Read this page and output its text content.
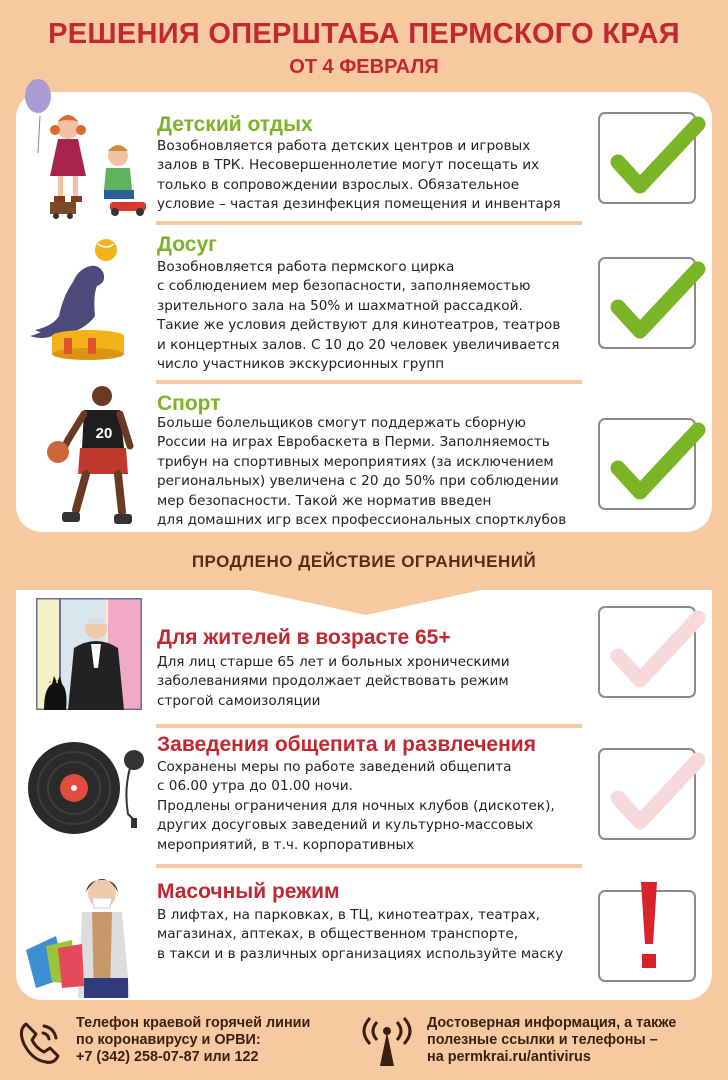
РЕШЕНИЯ ОПЕРШТАБА ПЕРМСКОГО КРАЯ
ОТ 4 ФЕВРАЛЯ
Детский отдых
Возобновляется работа детских центров и игровых
залов в ТРК. Несовершеннолетие могут посещать их
только в сопровождении взрослых. Обязательное
условие – частая дезинфекция помещения и инвентаря
Досуг
Возобновляется работа пермского цирка
с соблюдением мер безопасности, заполняемостью
зрительного зала на 50% и шахматной рассадкой.
Такие же условия действуют для кинотеатров, театров
и концертных залов. С 10 до 20 человек увеличивается
число участников экскурсионных групп
20
Спорт
Больше болельщиков смогут поддержать сборную
России на играх Евробаскета в Перми. Заполняемость
трибун на спортивных мероприятиях (за исключением
региональных) увеличена с 20 до 50% при соблюдении
мер безопасности. Такой же норматив введен
для домашних игр всех профессиональных спортклубов
ПРОДЛЕНО ДЕЙСТВИЕ ОГРАНИЧЕНИЙ
Для жителей в возрасте 65+
Для лиц старше 65 лет и больных хроническими
заболеваниями продолжает действовать режим
строгой самоизоляции
Заведения общепита и развлечения
Сохранены меры по работе заведений общепита
с 06.00 утра до 01.00 ночи.
Продлены ограничения для ночных клубов (дискотек),
других досуговых заведений и культурно-массовых
мероприятий, в т.ч. корпоративных
Масочный режим
В лифтах, на парковках, в ТЦ, кинотеатрах, театрах,
магазинах, аптеках, в общественном транспорте,
в такси и в различных организациях используйте маску
Телефон краевой горячей линии
по коронавирусу и ОРВИ:
+7 (342) 258-07-87 или 122
Достоверная информация, а также
полезные ссылки и телефоны –
на permkrai.ru/antivirus
